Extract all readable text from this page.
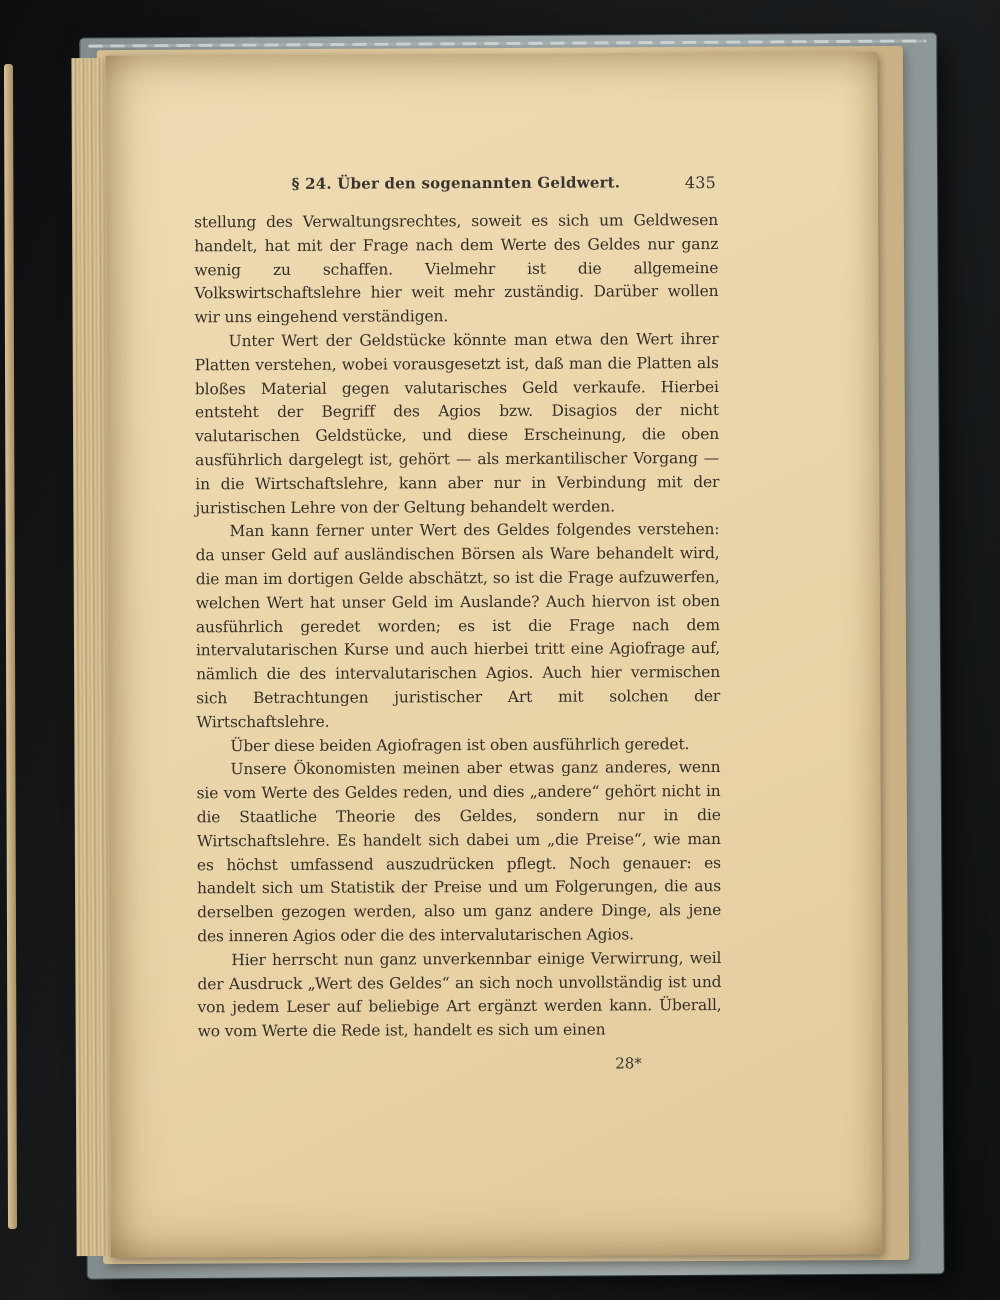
§ 24. Über den sogenannten Geldwert.	435

stellung des Verwaltungsrechtes, soweit es sich um Geldwesen handelt, hat mit der Frage nach dem Werte des Geldes nur ganz wenig zu schaffen. Vielmehr ist die allgemeine Volkswirtschaftslehre hier weit mehr zuständig. Darüber wollen wir uns eingehend verständigen.

Unter Wert der Geldstücke könnte man etwa den Wert ihrer Platten verstehen, wobei vorausgesetzt ist, daß man die Platten als bloßes Material gegen valutarisches Geld verkaufe. Hierbei entsteht der Begriff des Agios bzw. Disagios der nicht valutarischen Geldstücke, und diese Erscheinung, die oben ausführlich dargelegt ist, gehört — als merkantilischer Vorgang — in die Wirtschaftslehre, kann aber nur in Verbindung mit der juristischen Lehre von der Geltung behandelt werden.

Man kann ferner unter Wert des Geldes folgendes verstehen: da unser Geld auf ausländischen Börsen als Ware behandelt wird, die man im dortigen Gelde abschätzt, so ist die Frage aufzuwerfen, welchen Wert hat unser Geld im Auslande? Auch hiervon ist oben ausführlich geredet worden; es ist die Frage nach dem intervalutarischen Kurse und auch hierbei tritt eine Agiofrage auf, nämlich die des intervalutarischen Agios. Auch hier vermischen sich Betrachtungen juristischer Art mit solchen der Wirtschaftslehre.

Über diese beiden Agiofragen ist oben ausführlich geredet.

Unsere Ökonomisten meinen aber etwas ganz anderes, wenn sie vom Werte des Geldes reden, und dies „andere“ gehört nicht in die Staatliche Theorie des Geldes, sondern nur in die Wirtschaftslehre. Es handelt sich dabei um „die Preise“, wie man es höchst umfassend auszudrücken pflegt. Noch genauer: es handelt sich um Statistik der Preise und um Folgerungen, die aus derselben gezogen werden, also um ganz andere Dinge, als jene des inneren Agios oder die des intervalutarischen Agios.

Hier herrscht nun ganz unverkennbar einige Verwirrung, weil der Ausdruck „Wert des Geldes“ an sich noch unvollständig ist und von jedem Leser auf beliebige Art ergänzt werden kann. Überall, wo vom Werte die Rede ist, handelt es sich um einen

28*
